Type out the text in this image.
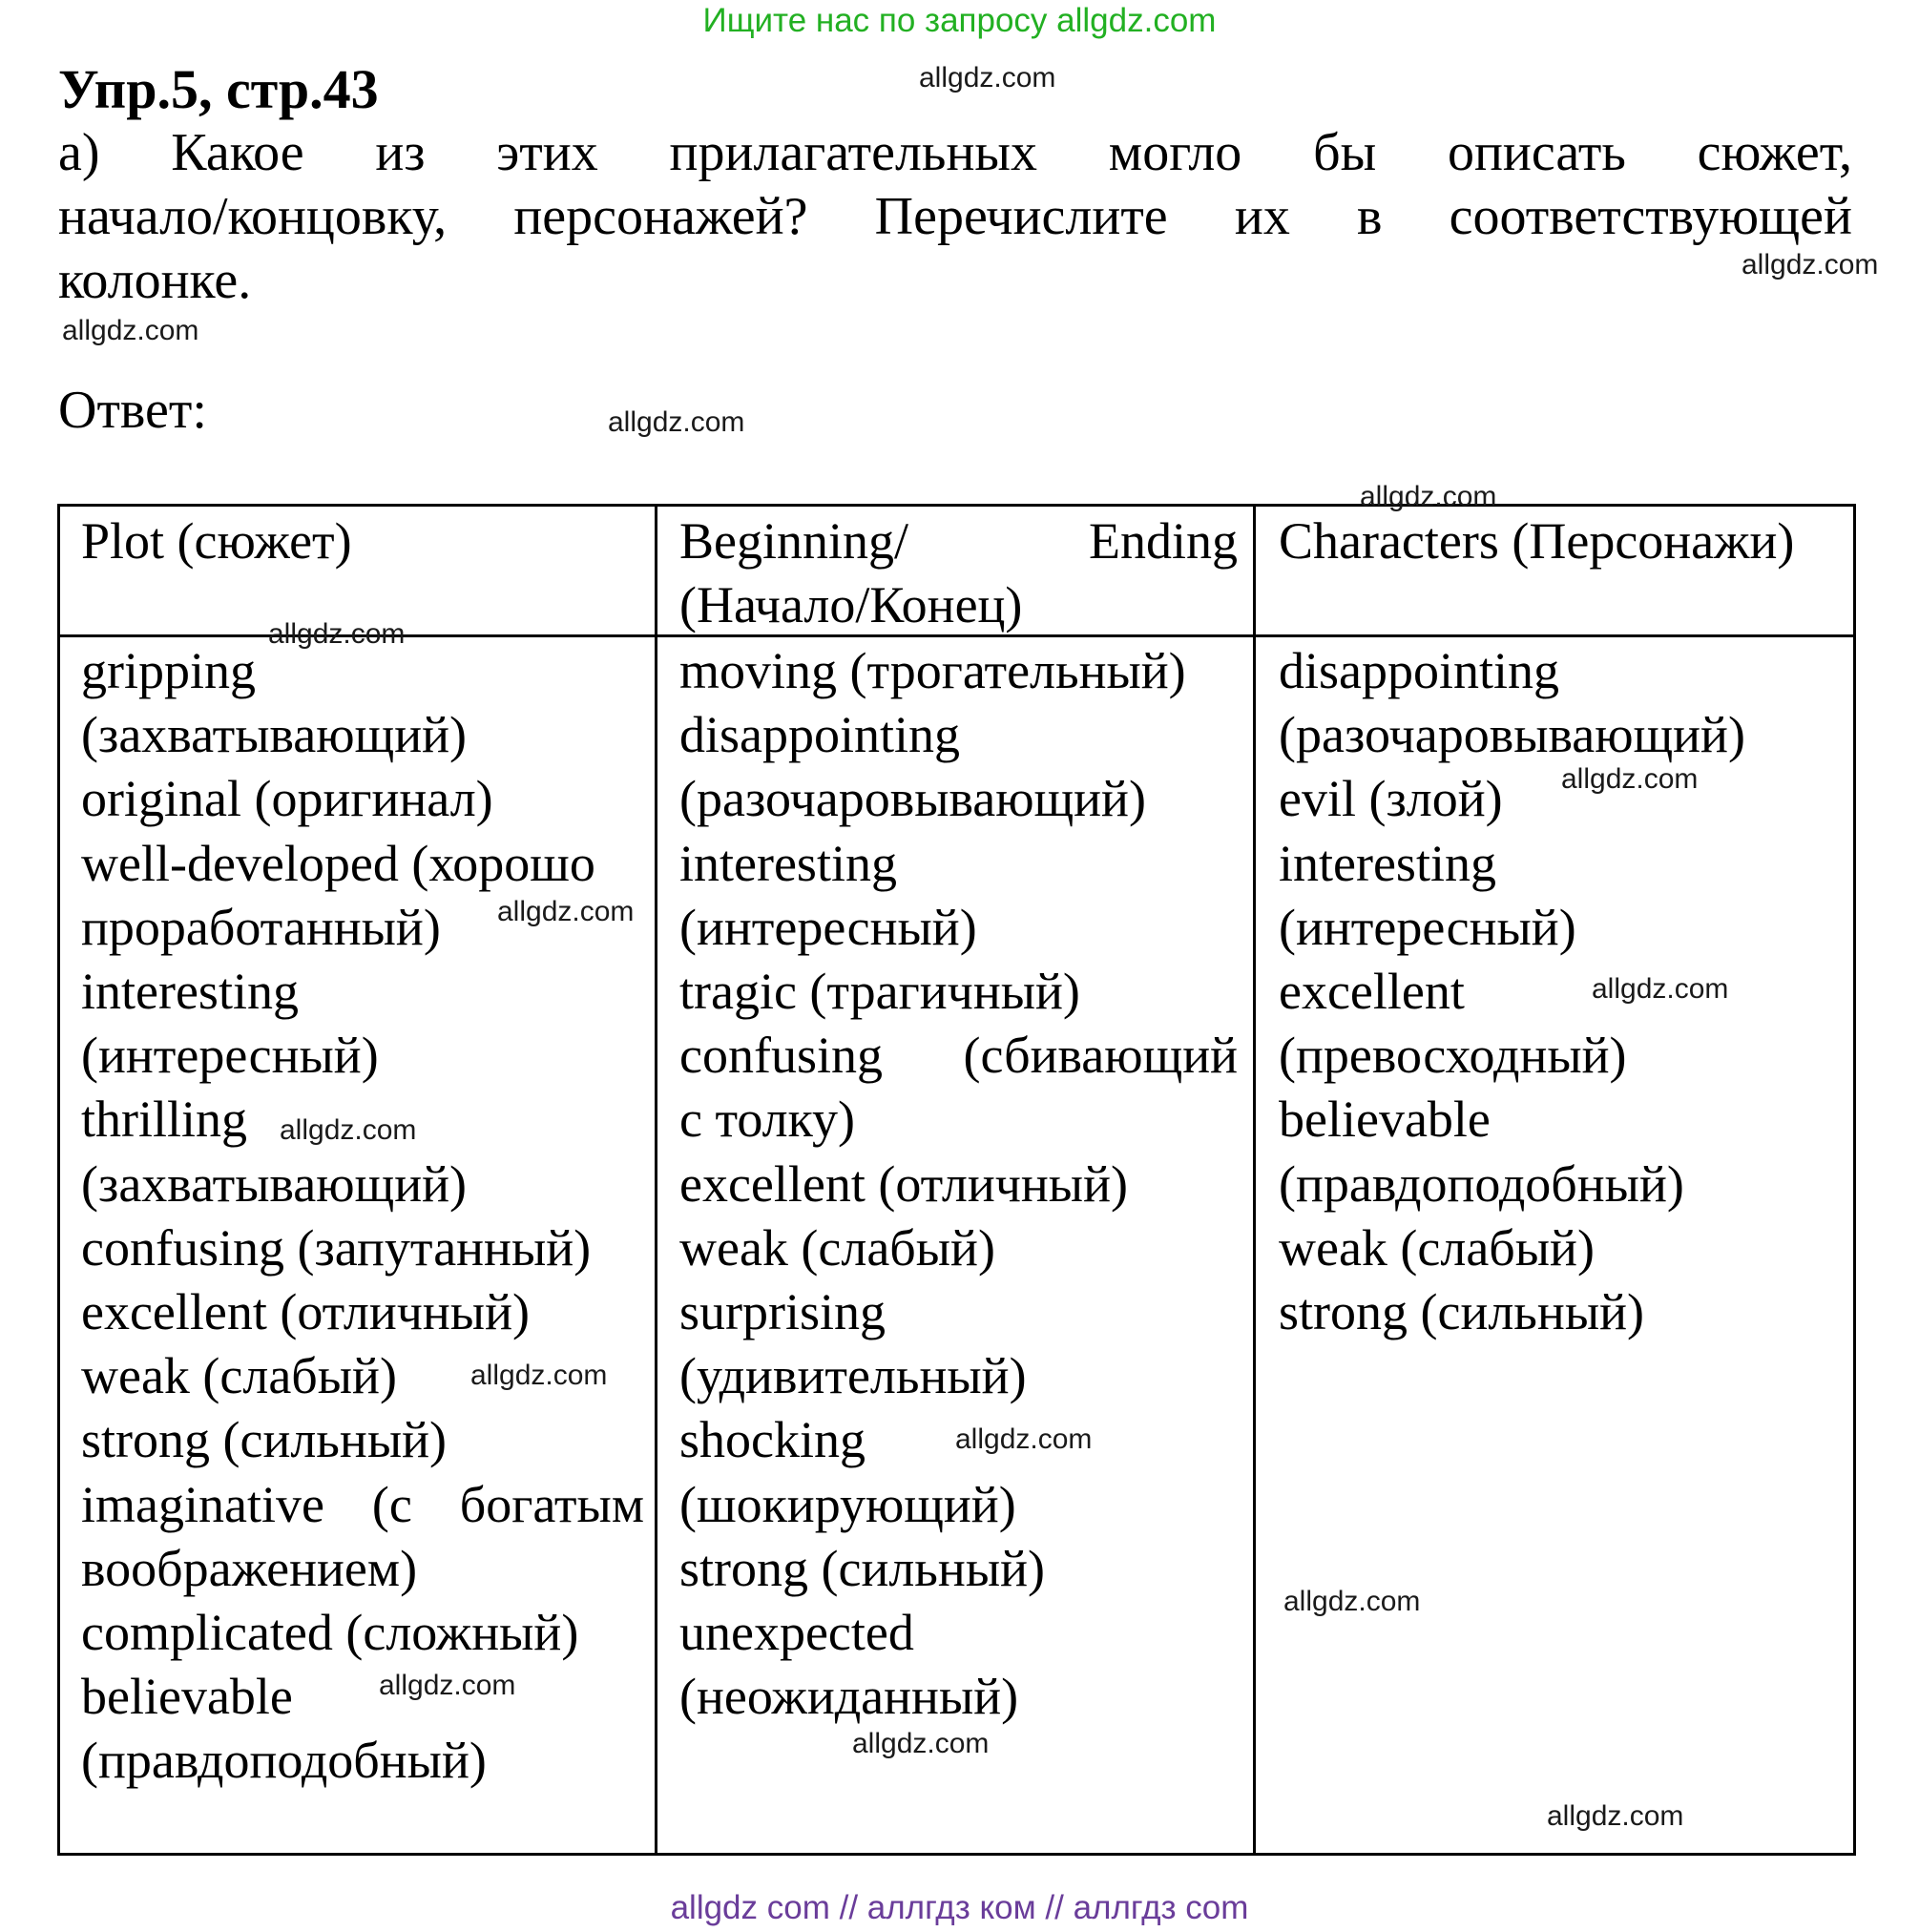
Ищите нас по запросу allgdz.com
Упр.5, стр.43
а) Какое из этих прилагательных могло бы описать сюжет,
начало/концовку, персонажей? Перечислите их в соответствующей
колонке.
Ответ:
Plot (сюжет)	Beginning/	Ending
(Начало/Конец)
Characters (Персонажи)
gripping
(захватывающий)
original (оригинал)
well-developed (хорошо
проработанный)
interesting
(интересный)
thrilling
(захватывающий)
confusing (запутанный)
excellent (отличный)
weak (слабый)
strong (сильный)
imaginative (с богатым
воображением)
complicated (сложный)
believable
(правдоподобный)
moving (трогательный)
disappointing
(разочаровывающий)
interesting
(интересный)
tragic (трагичный)
confusing (сбивающий
с толку)
excellent (отличный)
weak (слабый)
surprising
(удивительный)
shocking
(шокирующий)
strong (сильный)
unexpected
(неожиданный)
disappointing
(разочаровывающий)
evil (злой)
interesting
(интересный)
excellent
(превосходный)
believable
(правдоподобный)
weak (слабый)
strong (сильный)
allgdz.com
allgdz.com
allgdz.com
allgdz.com
allgdz.com
allgdz.com
allgdz.com
allgdz.com
allgdz.com
allgdz.com
allgdz.com
allgdz.com
allgdz.com
allgdz.com
allgdz.com
allgdz.com
allgdz com // аллгдз ком // аллгдз com
